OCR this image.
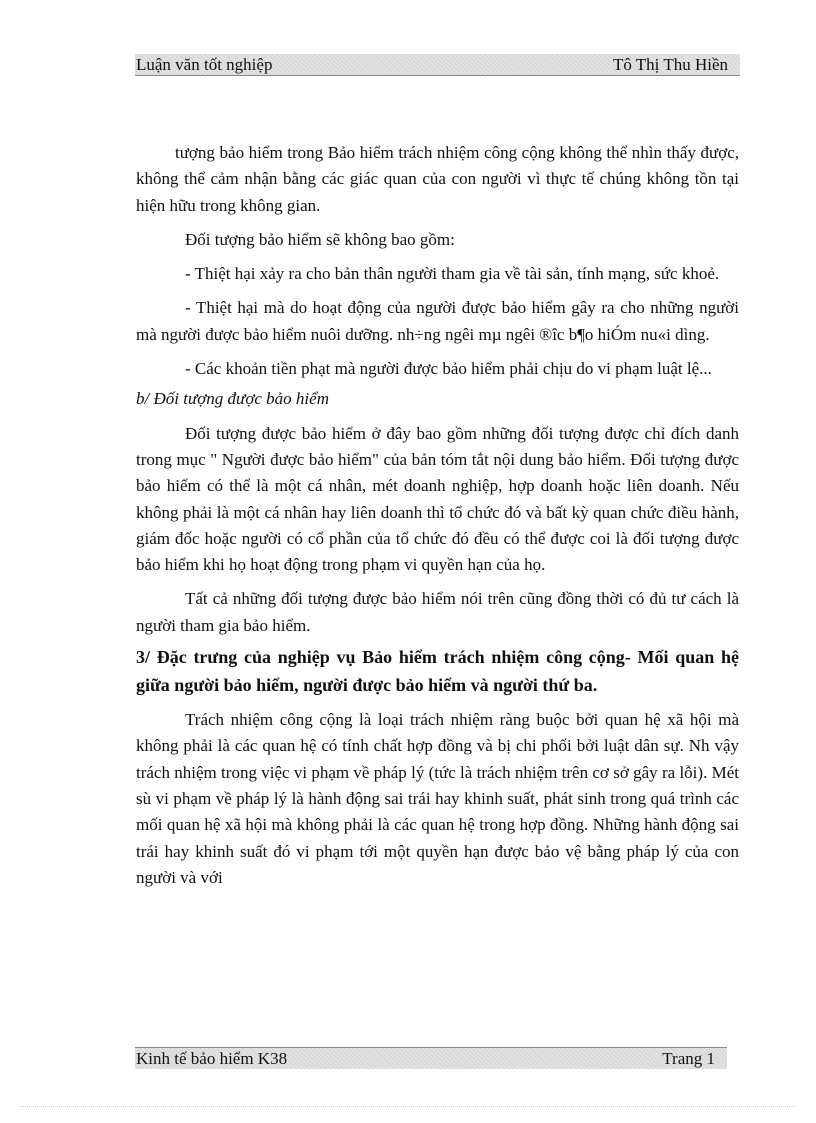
Luận văn tốt nghiệp	Tô Thị Thu Hiền

tượng bảo hiểm trong Bảo hiểm trách nhiệm công cộng không thể nhìn thấy được, không thể cảm nhận bằng các giác quan của con người vì thực tế chúng không tồn tại hiện hữu trong không gian.

Đối tượng bảo hiểm sẽ không bao gồm:

- Thiệt hại xảy ra cho bản thân người tham gia về tài sản, tính mạng, sức khoẻ.

- Thiệt hại mà do hoạt động của người được bảo hiểm gây ra cho những người mà người được bảo hiểm nuôi dưỡng. nh÷ng ngêi mµ ngêi ®îc b¶o hiÓm nu«i dìng.

- Các khoản tiền phạt mà người được bảo hiểm phải chịu do vi phạm luật lệ...

b/ Đối tượng được bảo hiểm

Đối tượng được bảo hiểm ở đây bao gồm những đối tượng được chỉ đích danh trong mục " Người được bảo hiểm" của bản tóm tắt nội dung bảo hiểm. Đối tượng được bảo hiểm có thể là một cá nhân, mét doanh nghiệp, hợp doanh hoặc liên doanh. Nếu không phải là một cá nhân hay liên doanh thì tổ chức đó và bất kỳ quan chức điều hành, giám đốc hoặc người có cổ phần của tổ chức đó đều có thể được coi là đối tượng được bảo hiểm khi họ hoạt động trong phạm vi quyền hạn của họ.

Tất cả những đối tượng được bảo hiểm nói trên cũng đồng thời có đủ tư cách là người tham gia bảo hiểm.

3/ Đặc trưng của nghiệp vụ Bảo hiểm trách nhiệm công cộng- Mối quan hệ giữa người bảo hiểm, người được bảo hiểm và người thứ ba.

Trách nhiệm công cộng là loại trách nhiệm ràng buộc bởi quan hệ xã hội mà không phải là các quan hệ có tính chất hợp đồng và bị chi phối bởi luật dân sự. Nh vậy trách nhiệm trong việc vi phạm về pháp lý (tức là trách nhiệm trên cơ sở gây ra lỗi). Mét sù vi phạm về pháp lý là hành động sai trái hay khinh suất, phát sinh trong quá trình các mối quan hệ xã hội mà không phải là các quan hệ trong hợp đồng. Những hành động sai trái hay khinh suất đó vi phạm tới một quyền hạn được bảo vệ bằng pháp lý của con người và với

Kinh tế bảo hiểm K38	Trang 1
